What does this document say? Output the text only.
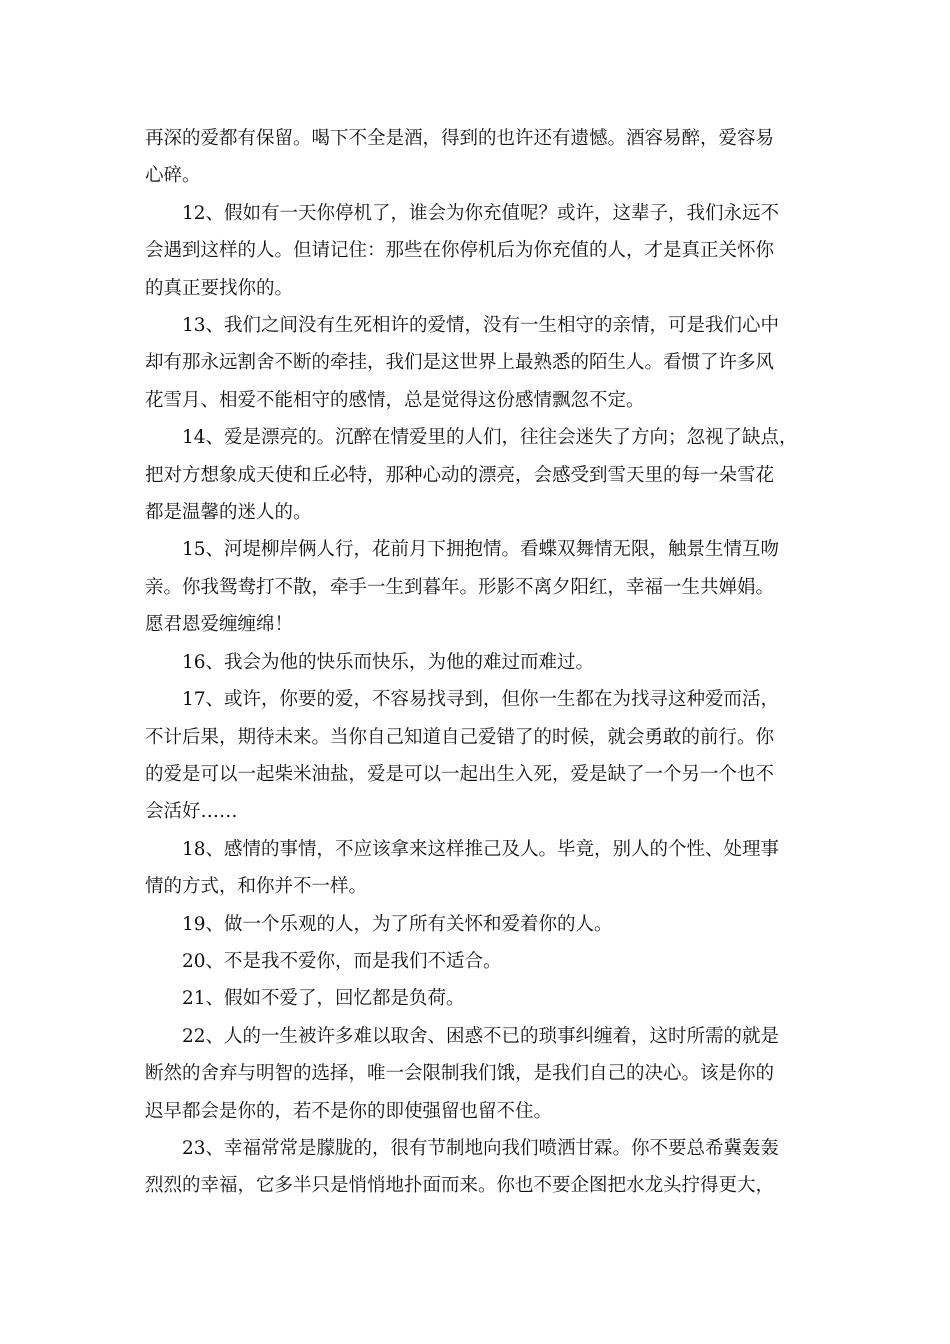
再深的爱都有保留。喝下不全是酒，得到的也许还有遗憾。酒容易醉，爱容易
心碎。

　　12、假如有一天你停机了，谁会为你充值呢？或许，这辈子，我们永远不
会遇到这样的人。但请记住：那些在你停机后为你充值的人，才是真正关怀你
的真正要找你的。

　　13、我们之间没有生死相许的爱情，没有一生相守的亲情，可是我们心中
却有那永远割舍不断的牵挂，我们是这世界上最熟悉的陌生人。看惯了许多风
花雪月、相爱不能相守的感情，总是觉得这份感情飘忽不定。

　　14、爱是漂亮的。沉醉在情爱里的人们，往往会迷失了方向；忽视了缺点，
把对方想象成天使和丘必特，那种心动的漂亮，会感受到雪天里的每一朵雪花
都是温馨的迷人的。

　　15、河堤柳岸俩人行，花前月下拥抱情。看蝶双舞情无限，触景生情互吻
亲。你我鸳鸯打不散，牵手一生到暮年。形影不离夕阳红，幸福一生共婵娟。
愿君恩爱缠缠绵！

　　16、我会为他的快乐而快乐，为他的难过而难过。

　　17、或许，你要的爱，不容易找寻到，但你一生都在为找寻这种爱而活，
不计后果，期待未来。当你自己知道自己爱错了的时候，就会勇敢的前行。你
的爱是可以一起柴米油盐，爱是可以一起出生入死，爱是缺了一个另一个也不
会活好……

　　18、感情的事情，不应该拿来这样推己及人。毕竟，别人的个性、处理事
情的方式，和你并不一样。

　　19、做一个乐观的人，为了所有关怀和爱着你的人。

　　20、不是我不爱你，而是我们不适合。

　　21、假如不爱了，回忆都是负荷。

　　22、人的一生被许多难以取舍、困惑不已的琐事纠缠着，这时所需的就是
断然的舍弃与明智的选择，唯一会限制我们饿，是我们自己的决心。该是你的
迟早都会是你的，若不是你的即使强留也留不住。

　　23、幸福常常是朦胧的，很有节制地向我们喷洒甘霖。你不要总希冀轰轰
烈烈的幸福，它多半只是悄悄地扑面而来。你也不要企图把水龙头拧得更大，
